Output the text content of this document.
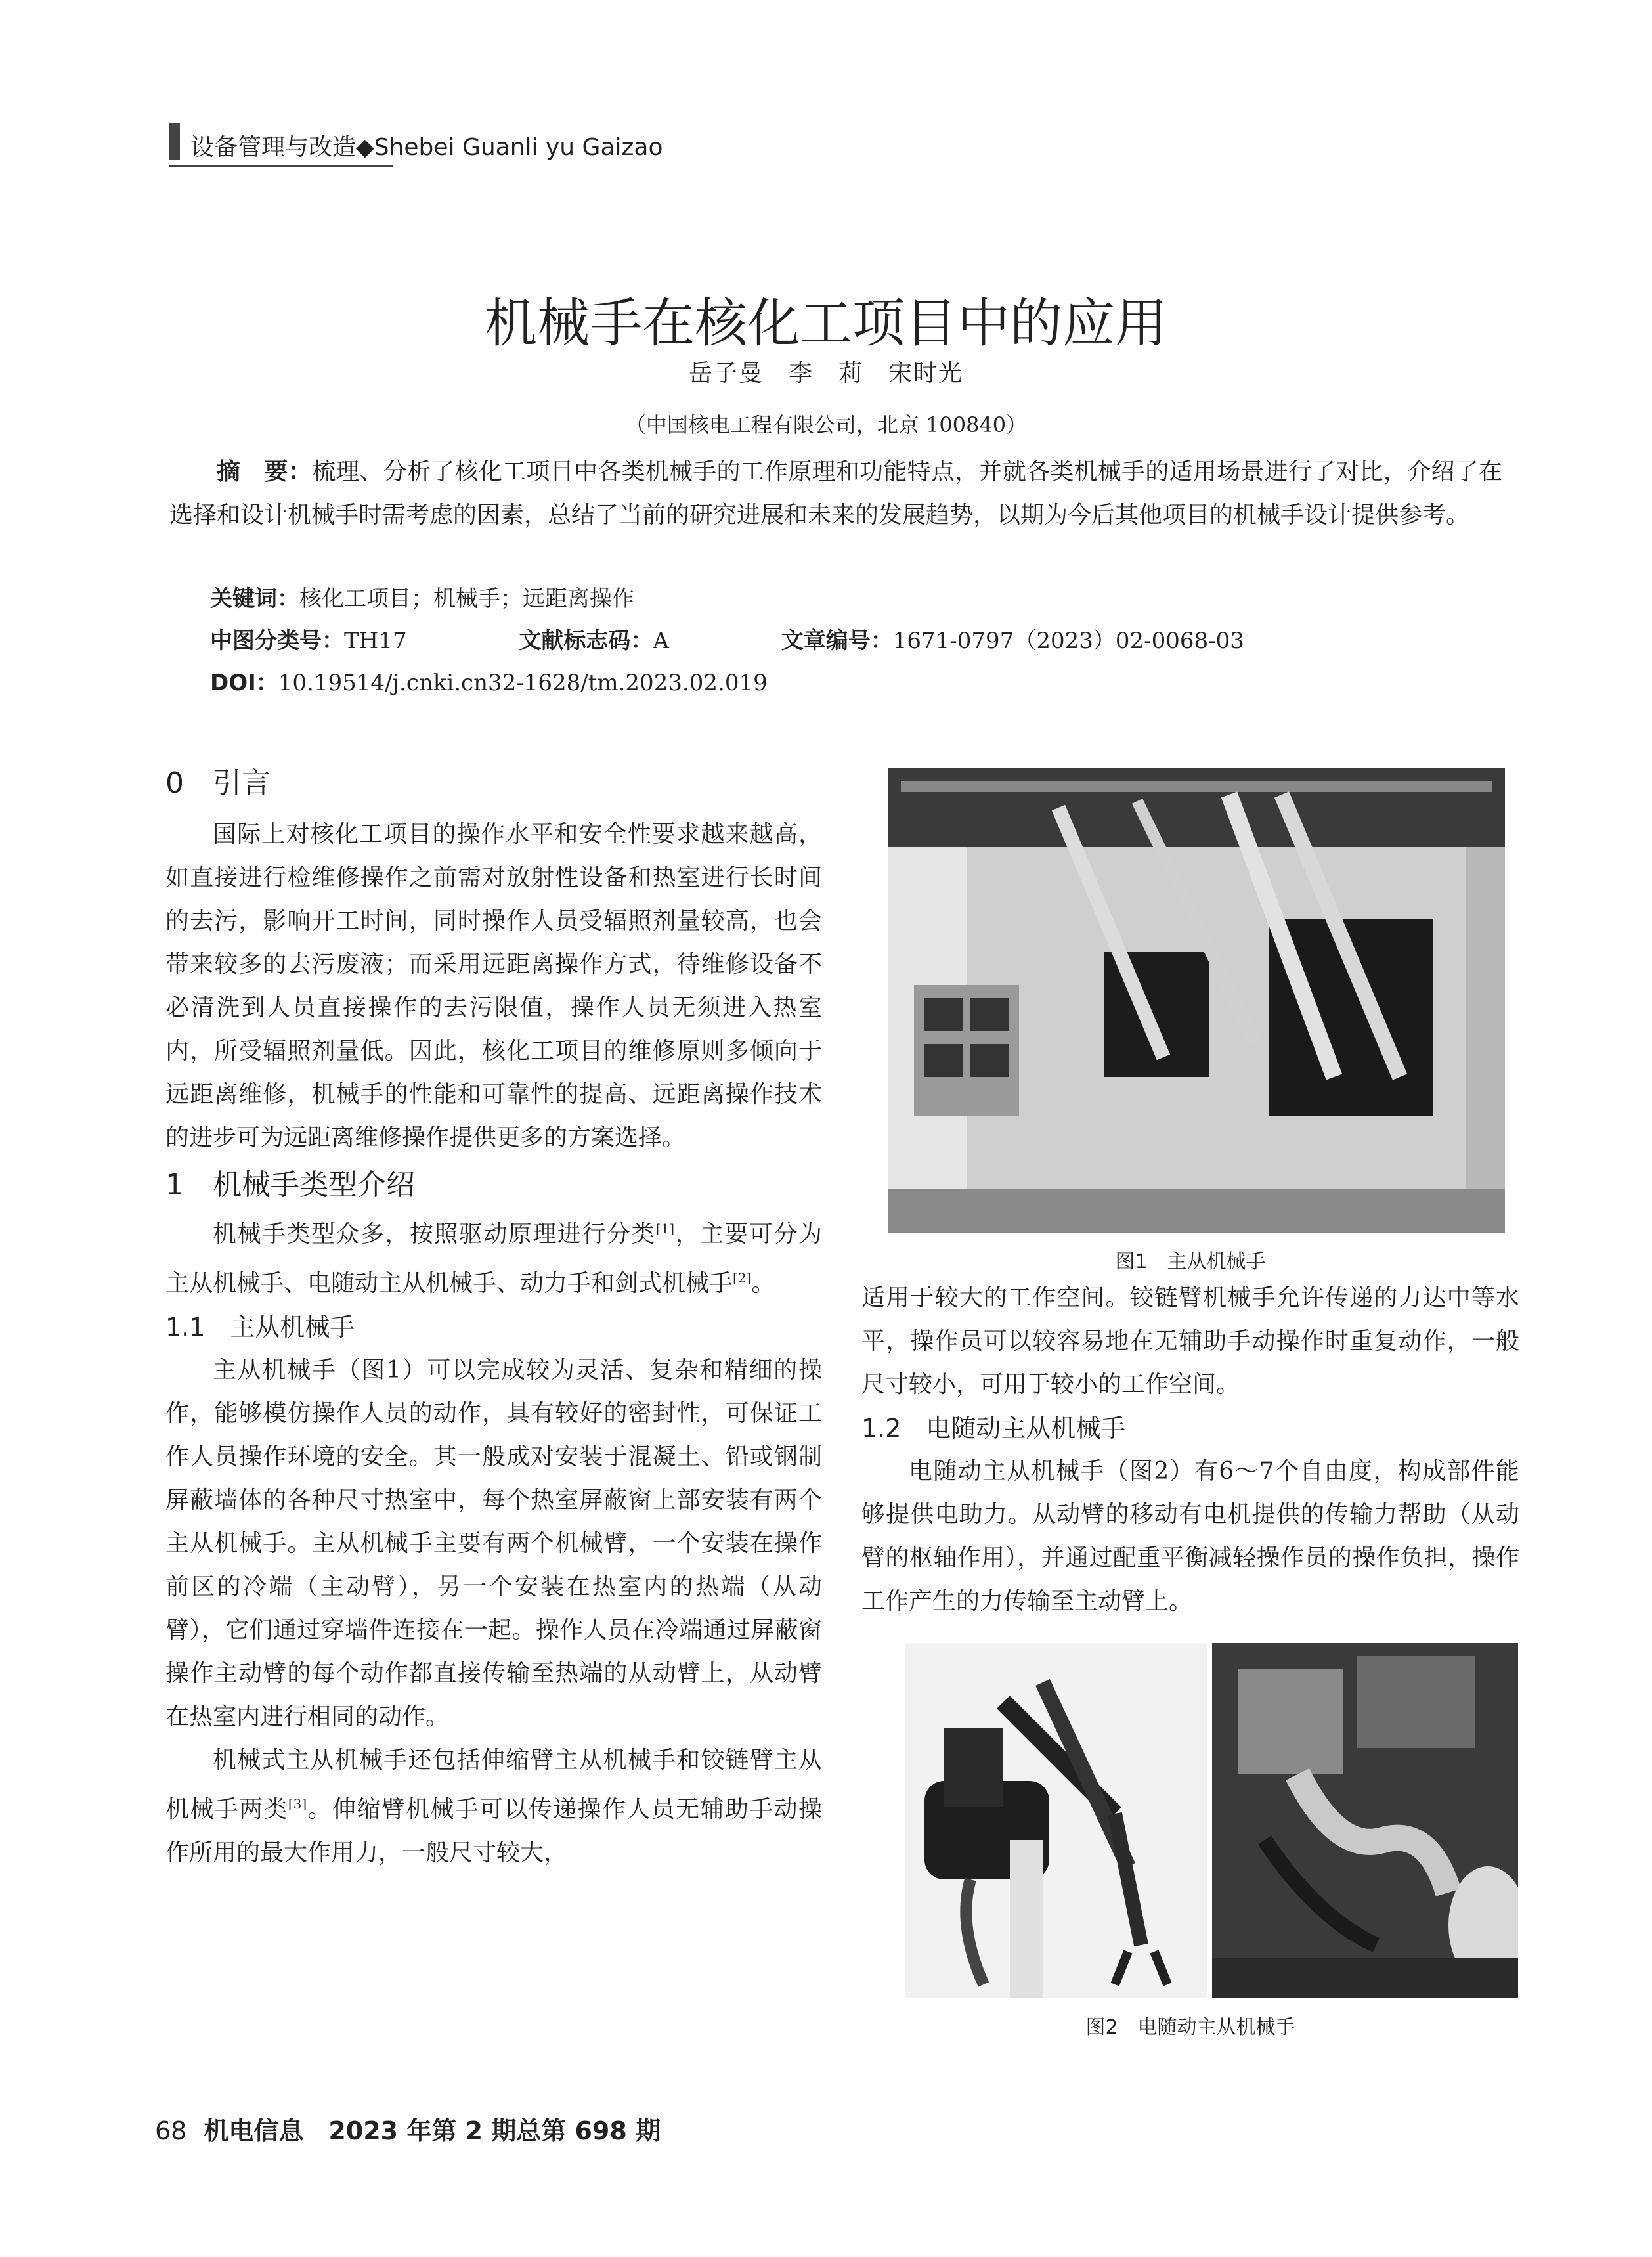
设备管理与改造◆Shebei Guanli yu Gaizao
机械手在核化工项目中的应用
岳子曼　李　莉　宋时光
（中国核电工程有限公司，北京 100840）

摘　要：梳理、分析了核化工项目中各类机械手的工作原理和功能特点，并就各类机械手的适用场景进行了对比，介绍了在选择和设计机械手时需考虑的因素，总结了当前的研究进展和未来的发展趋势，以期为今后其他项目的机械手设计提供参考。

关键词：核化工项目；机械手；远距离操作
中图分类号：TH17	文献标志码：A	文章编号：1671-0797（2023）02-0068-03
DOI：10.19514/j.cnki.cn32-1628/tm.2023.02.019
0　引言

国际上对核化工项目的操作水平和安全性要求越来越高，如直接进行检维修操作之前需对放射性设备和热室进行长时间的去污，影响开工时间，同时操作人员受辐照剂量较高，也会带来较多的去污废液；而采用远距离操作方式，待维修设备不必清洗到人员直接操作的去污限值，操作人员无须进入热室内，所受辐照剂量低。因此，核化工项目的维修原则多倾向于远距离维修，机械手的性能和可靠性的提高、远距离操作技术的进步可为远距离维修操作提供更多的方案选择。

1　机械手类型介绍

机械手类型众多，按照驱动原理进行分类[1]，主要可分为主从机械手、电随动主从机械手、动力手和剑式机械手[2]。

1.1　主从机械手

主从机械手（图1）可以完成较为灵活、复杂和精细的操作，能够模仿操作人员的动作，具有较好的密封性，可保证工作人员操作环境的安全。其一般成对安装于混凝土、铅或钢制屏蔽墙体的各种尺寸热室中，每个热室屏蔽窗上部安装有两个主从机械手。主从机械手主要有两个机械臂，一个安装在操作前区的冷端（主动臂），另一个安装在热室内的热端（从动臂），它们通过穿墙件连接在一起。操作人员在冷端通过屏蔽窗操作主动臂的每个动作都直接传输至热端的从动臂上，从动臂在热室内进行相同的动作。

机械式主从机械手还包括伸缩臂主从机械手和铰链臂主从机械手两类[3]。伸缩臂机械手可以传递操作人员无辅助手动操作所用的最大作用力，一般尺寸较大，

图1　主从机械手

适用于较大的工作空间。铰链臂机械手允许传递的力达中等水平，操作员可以较容易地在无辅助手动操作时重复动作，一般尺寸较小，可用于较小的工作空间。

1.2　电随动主从机械手

电随动主从机械手（图2）有6～7个自由度，构成部件能够提供电助力。从动臂的移动有电机提供的传输力帮助（从动臂的枢轴作用），并通过配重平衡减轻操作员的操作负担，操作工作产生的力传输至主动臂上。

图2　电随动主从机械手
68 机电信息　2023 年第 2 期总第 698 期
